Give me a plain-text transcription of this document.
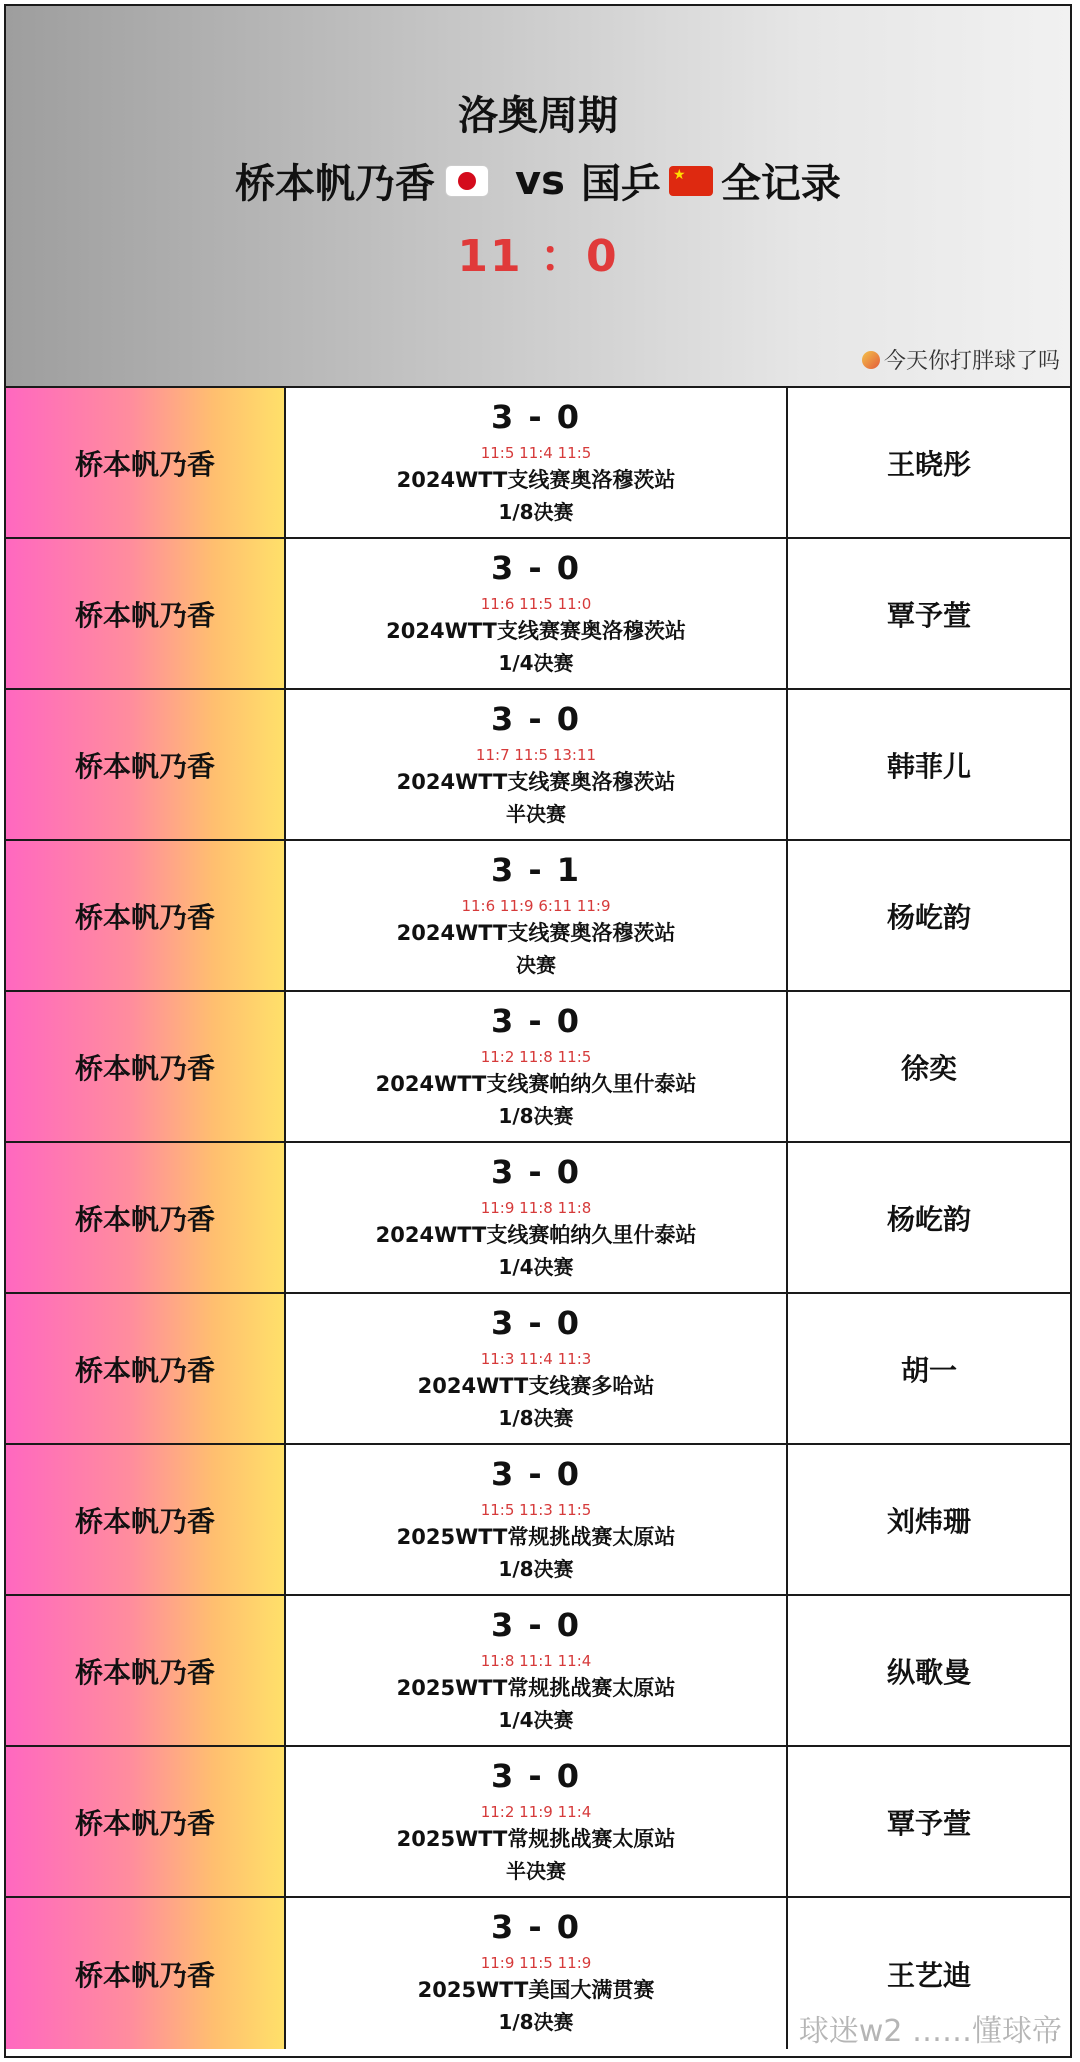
洛奥周期
桥本帆乃香 vs 国乒
★ 全记录
11 ：0
今天你打胖球了吗
桥本帆乃香
3 - 0
11:5 11:4 11:5
2024WTT支线赛奥洛穆茨站
1/8决赛
王晓彤
桥本帆乃香
3 - 0
11:6 11:5 11:0
2024WTT支线赛赛奥洛穆茨站
1/4决赛
覃予萱
桥本帆乃香
3 - 0
11:7 11:5 13:11
2024WTT支线赛奥洛穆茨站
半决赛
韩菲儿
桥本帆乃香
3 - 1
11:6 11:9 6:11 11:9
2024WTT支线赛奥洛穆茨站
决赛
杨屹韵
桥本帆乃香
3 - 0
11:2 11:8 11:5
2024WTT支线赛帕纳久里什泰站
1/8决赛
徐奕
桥本帆乃香
3 - 0
11:9 11:8 11:8
2024WTT支线赛帕纳久里什泰站
1/4决赛
杨屹韵
桥本帆乃香
3 - 0
11:3 11:4 11:3
2024WTT支线赛多哈站
1/8决赛
胡一
桥本帆乃香
3 - 0
11:5 11:3 11:5
2025WTT常规挑战赛太原站
1/8决赛
刘炜珊
桥本帆乃香
3 - 0
11:8 11:1 11:4
2025WTT常规挑战赛太原站
1/4决赛
纵歌曼
桥本帆乃香
3 - 0
11:2 11:9 11:4
2025WTT常规挑战赛太原站
半决赛
覃予萱
桥本帆乃香
3 - 0
11:9 11:5 11:9
2025WTT美国大满贯赛
1/8决赛
王艺迪
球迷w2 ……懂球帝
